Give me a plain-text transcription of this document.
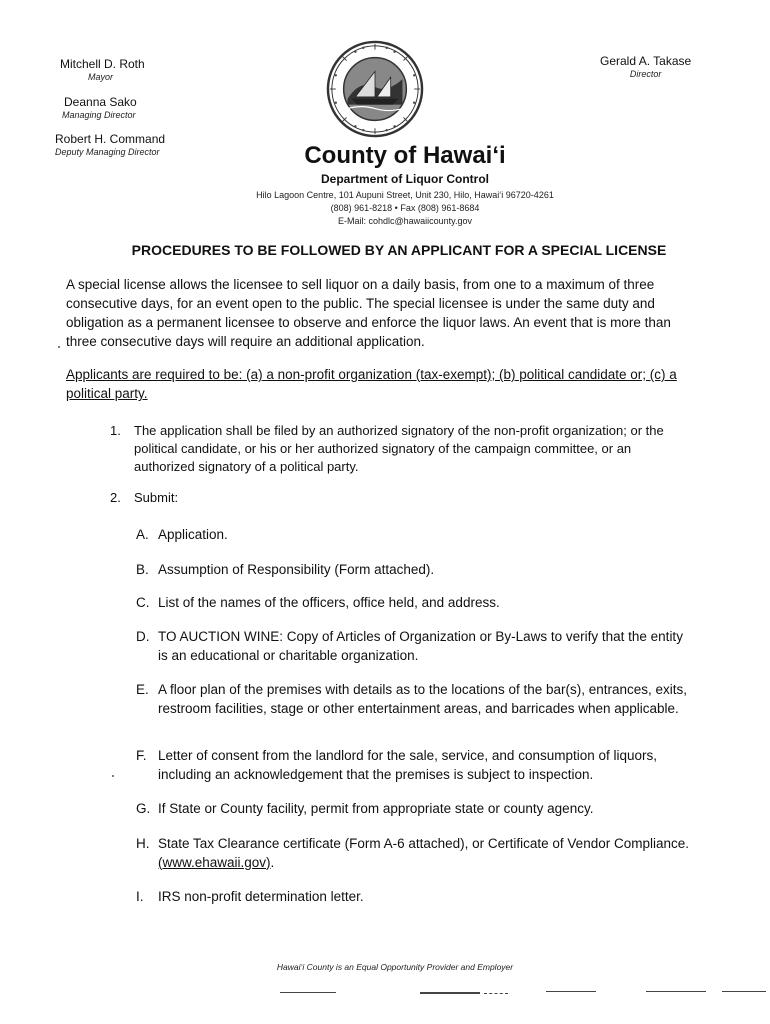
Mitchell D. Roth
Mayor
Deanna Sako
Managing Director
Robert H. Command
Deputy Managing Director
Gerald A. Takase
Director
County of Hawai‘i
Department of Liquor Control
Hilo Lagoon Centre, 101 Aupuni Street, Unit 230, Hilo, Hawai‘i 96720-4261
(808) 961-8218 • Fax (808) 961-8684
E-Mail: cohdlc@hawaiicounty.gov
PROCEDURES TO BE FOLLOWED BY AN APPLICANT FOR A SPECIAL LICENSE
A special license allows the licensee to sell liquor on a daily basis, from one to a maximum of three consecutive days, for an event open to the public. The special licensee is under the same duty and obligation as a permanent licensee to observe and enforce the liquor laws. An event that is more than three consecutive days will require an additional application.
Applicants are required to be: (a) a non-profit organization (tax-exempt); (b) political candidate or; (c) a political party.
1.	The application shall be filed by an authorized signatory of the non-profit organization; or the political candidate, or his or her authorized signatory of the campaign committee, or an authorized signatory of a political party.
2.	Submit:
A. Application.
B. Assumption of Responsibility (Form attached).
C. List of the names of the officers, office held, and address.
D. TO AUCTION WINE: Copy of Articles of Organization or By-Laws to verify that the entity is an educational or charitable organization.
E. A floor plan of the premises with details as to the locations of the bar(s), entrances, exits, restroom facilities, stage or other entertainment areas, and barricades when applicable.
F. Letter of consent from the landlord for the sale, service, and consumption of liquors, including an acknowledgement that the premises is subject to inspection.
G. If State or County facility, permit from appropriate state or county agency.
H. State Tax Clearance certificate (Form A-6 attached), or Certificate of Vendor Compliance. (www.ehawaii.gov).
I.	IRS non-profit determination letter.
Hawai‘i County is an Equal Opportunity Provider and Employer
